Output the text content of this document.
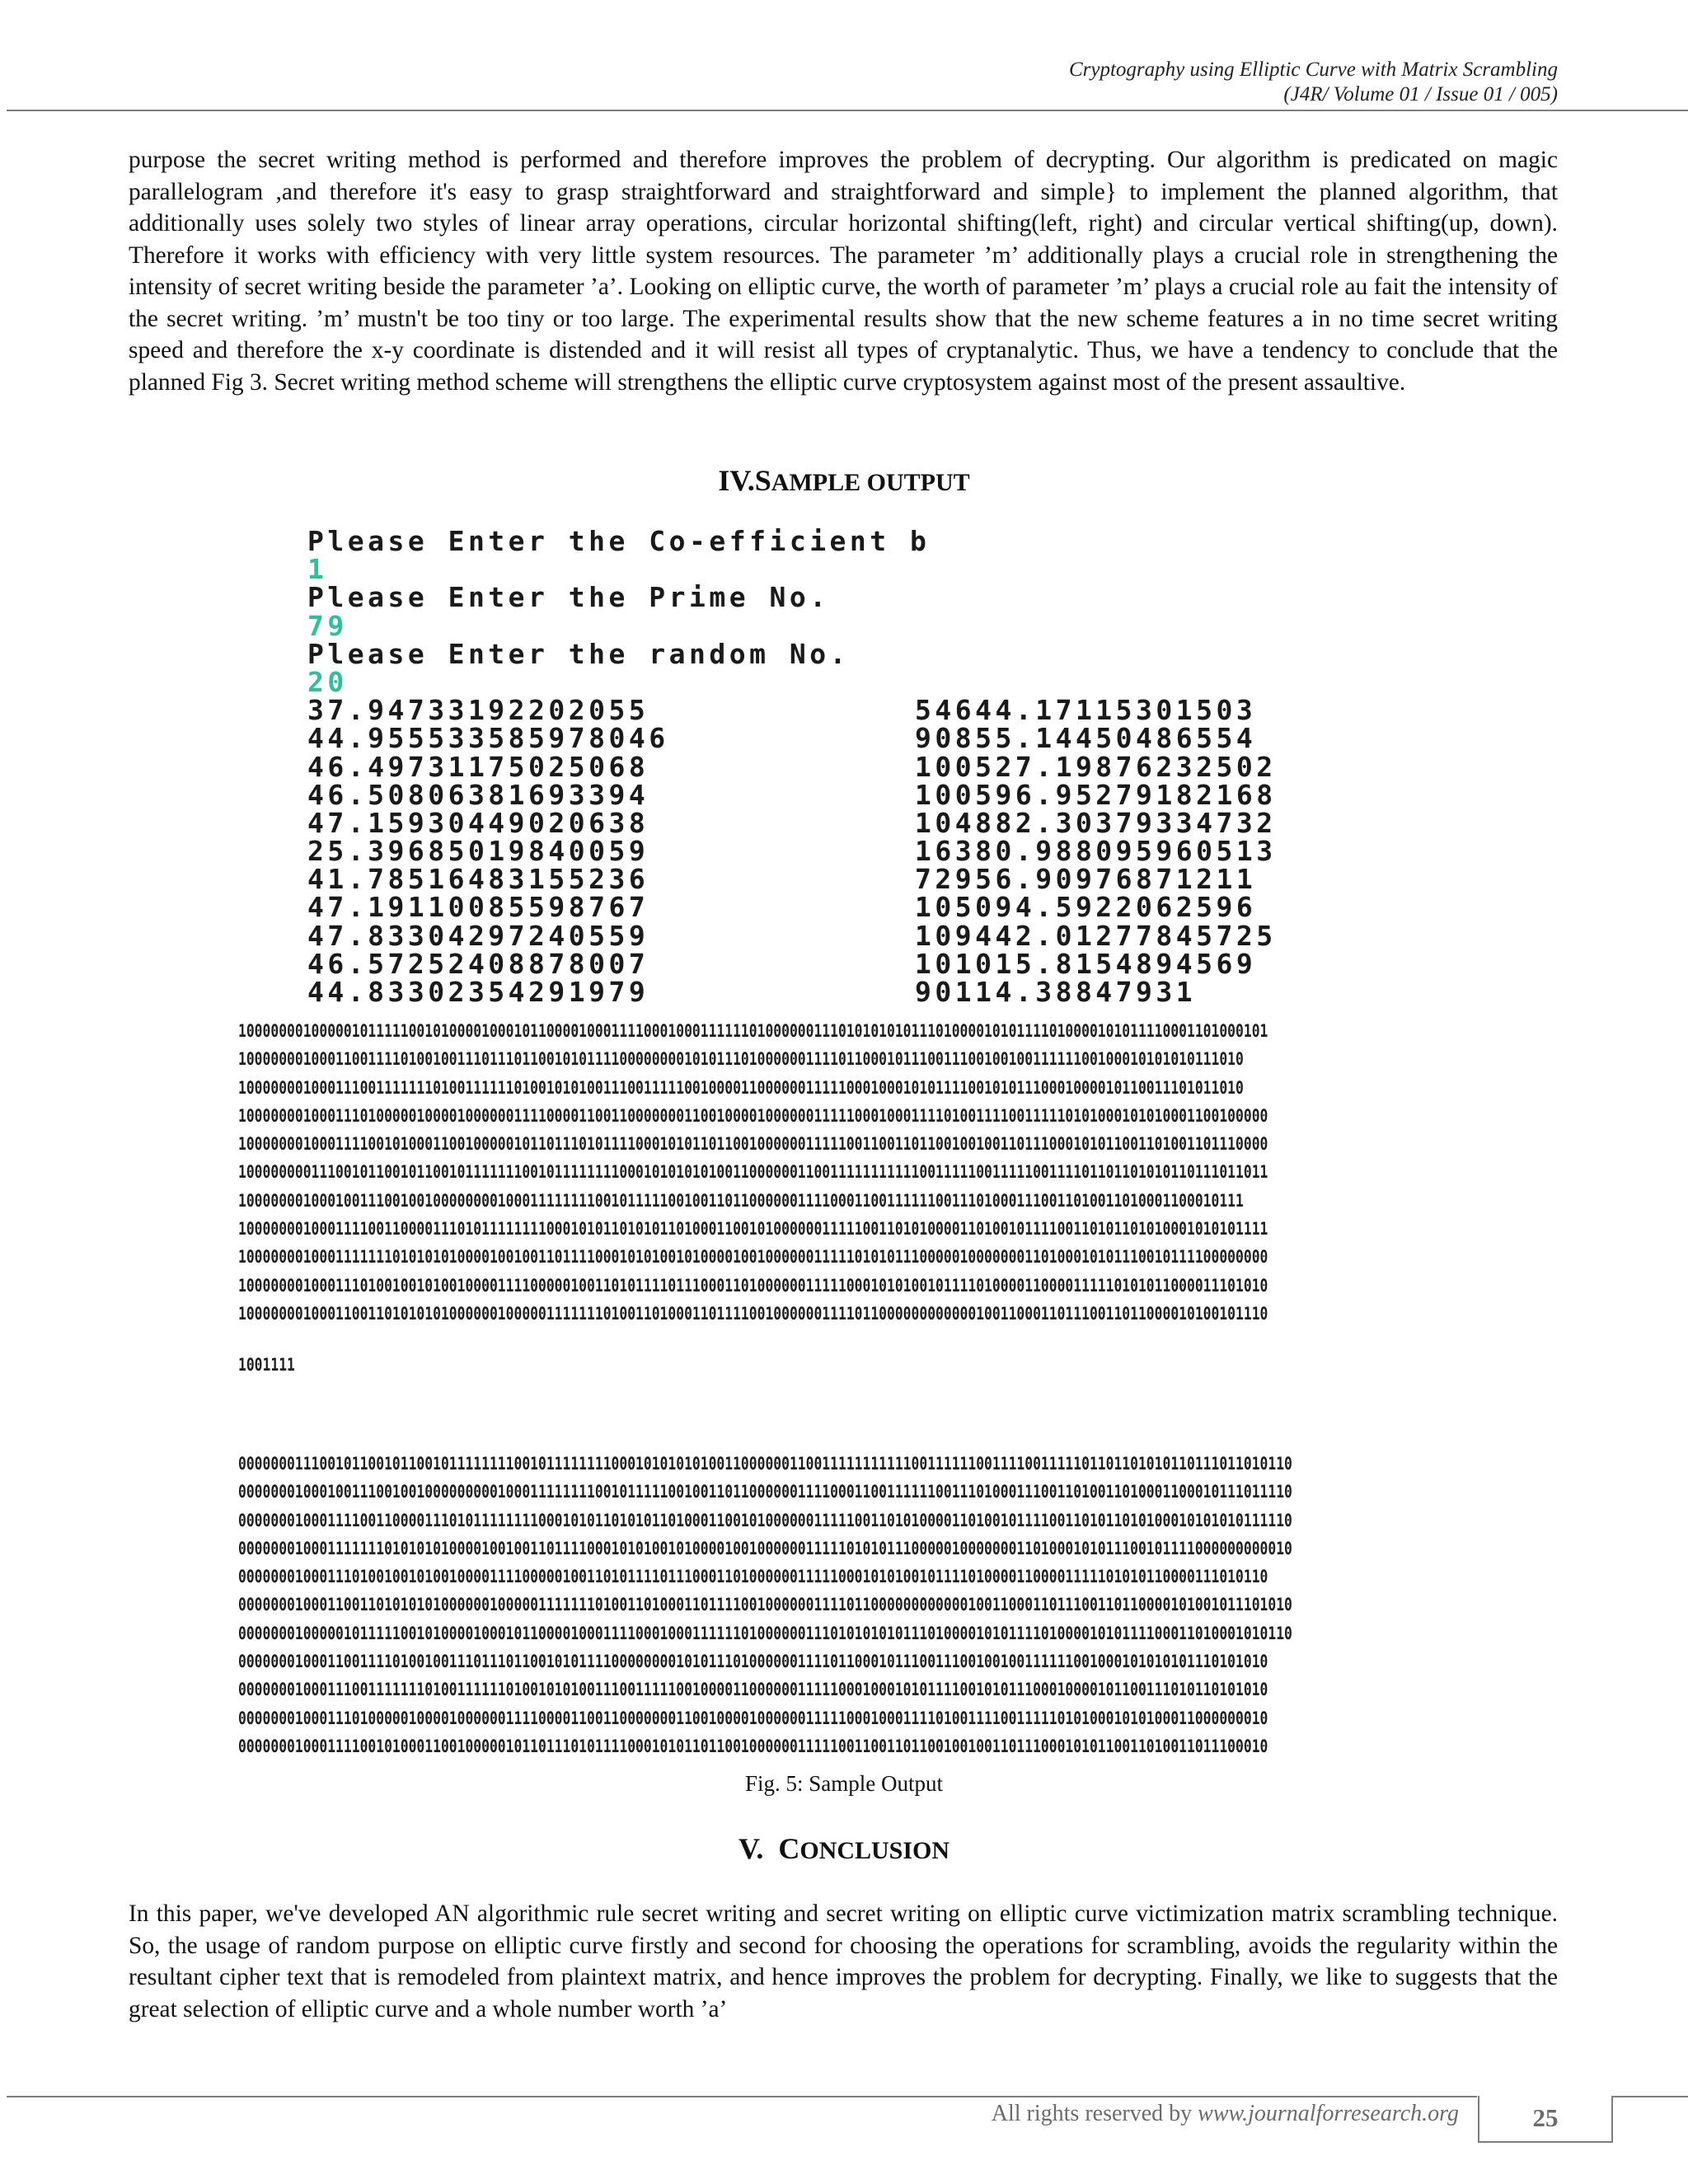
Cryptography using Elliptic Curve with Matrix Scrambling
(J4R/ Volume 01 / Issue 01 / 005)

purpose the secret writing method is performed and therefore improves the problem of decrypting. Our algorithm is predicated on magic parallelogram ,and therefore it's easy to grasp straightforward and straightforward and simple} to implement the planned algorithm, that additionally uses solely two styles of linear array operations, circular horizontal shifting(left, right) and circular vertical shifting(up, down). Therefore it works with efficiency with very little system resources. The parameter ’m’ additionally plays a crucial role in strengthening the intensity of secret writing beside the parameter ’a’. Looking on elliptic curve, the worth of parameter ’m’ plays a crucial role au fait the intensity of the secret writing. ’m’ mustn't be too tiny or too large. The experimental results show that the new scheme features a in no time secret writing speed and therefore the x-y coordinate is distended and it will resist all types of cryptanalytic. Thus, we have a tendency to conclude that the planned Fig 3. Secret writing method scheme will strengthens the elliptic curve cryptosystem against most of the present assaultive.

IV.SAMPLE OUTPUT
Please Enter the Co-efficient b
1
Please Enter the Prime No.
79
Please Enter the random No.
20
37.94733192202055	54644.17115301503
44.955533585978046	90855.14450486554
46.49731175025068	100527.19876232502
46.50806381693394	100596.95279182168
47.15930449020638	104882.30379334732
25.39685019840059	16380.988095960513
41.78516483155236	72956.90976871211
47.19110085598767	105094.5922062596
47.83304297240559	109442.01277845725
46.57252408878007	101015.8154894569
44.83302354291979	90114.38847931
1000000010000010111110010100001000101100001000111100010001111110100000011101010101011101000010101111010000101011110001101000101
1000000010001100111101001001110111011001010111100000000101011101000000111101100010111001110010010011111100100010101010111010
1000000010001110011111110100111111010010101001110011111001000011000000111110001000101011110010101110001000010110011101011010
1000000010001110100000100001000000111100001100110000000110010000100000011111000100011110100111100111110101000101010001100100000
1000000010001111001010001100100000101101110101111000101011011001000000111110011001101100100100110111000101011001101001101110000
1000000001110010110010110010111111100101111111100010101010100110000001100111111111110011111001111100111101101101010110111011011
1000000010001001110010010000000010001111111100101111100100110110000001111000110011111100111010001110011010011010001100010111
1000000010001111001100001110101111111100010101101010110100011001010000001111100110101000011010010111100110101101010001010101111
1000000010001111111010101010000100100110111100010101001010000100100000011111010101110000010000000110100010101110010111100000000
1000000010001110100100101001000011110000010011010111101110001101000000111110001010100101111010000110000111110101011000011101010
1000000010001100110101010100000010000011111110100110100011011110010000001111011000000000000100110001101110011011000010100101110
1001111
0000000111001011001011001011111111001011111111000101010101001100000011001111111111100111111001111001111101101101010110111011010110
0000000100010011100100100000000010001111111100101111100100110110000001111000110011111100111010001110011010011010001100010111011110
0000000100011110011000011101011111111000101011010101101000110010100000011111001101010000110100101111001101011010100010101010111110
0000000100011111110101010100001001001101111000101010010100001001000000111110101011100000100000001101000101011100101111000000000010
0000000100011101001001010010000111100000100110101111011100011010000001111100010101001011110100001100001111101010110000111010110
0000000100011001101010101000000100000111111101001101000110111100100000011110110000000000001001100011011100110110000101001011101010
0000000100000101111100101000010001011000010001111000100011111101000000111010101010111010000101011110100001010111100011010001010110
0000000100011001111010010011101110110010101111000000001010111010000001111011000101110011100100100111111001000101010101110101010
0000000100011100111111101001111110100101010011100111110010000110000001111100010001010111100101011100010000101100111010110101010
0000000100011101000001000010000001111000011001100000001100100001000000111110001000111101001111001111101010001010100011000000010
0000000100011110010100011001000001011011101011110001010110110010000001111100110011011001001001101110001010110011010011011100010
Fig. 5: Sample Output
V. CONCLUSION

In this paper, we've developed AN algorithmic rule secret writing and secret writing on elliptic curve victimization matrix scrambling technique. So, the usage of random purpose on elliptic curve firstly and second for choosing the operations for scrambling, avoids the regularity within the resultant cipher text that is remodeled from plaintext matrix, and hence improves the problem for decrypting. Finally, we like to suggests that the great selection of elliptic curve and a whole number worth ’a’

All rights reserved by www.journalforresearch.org	25
